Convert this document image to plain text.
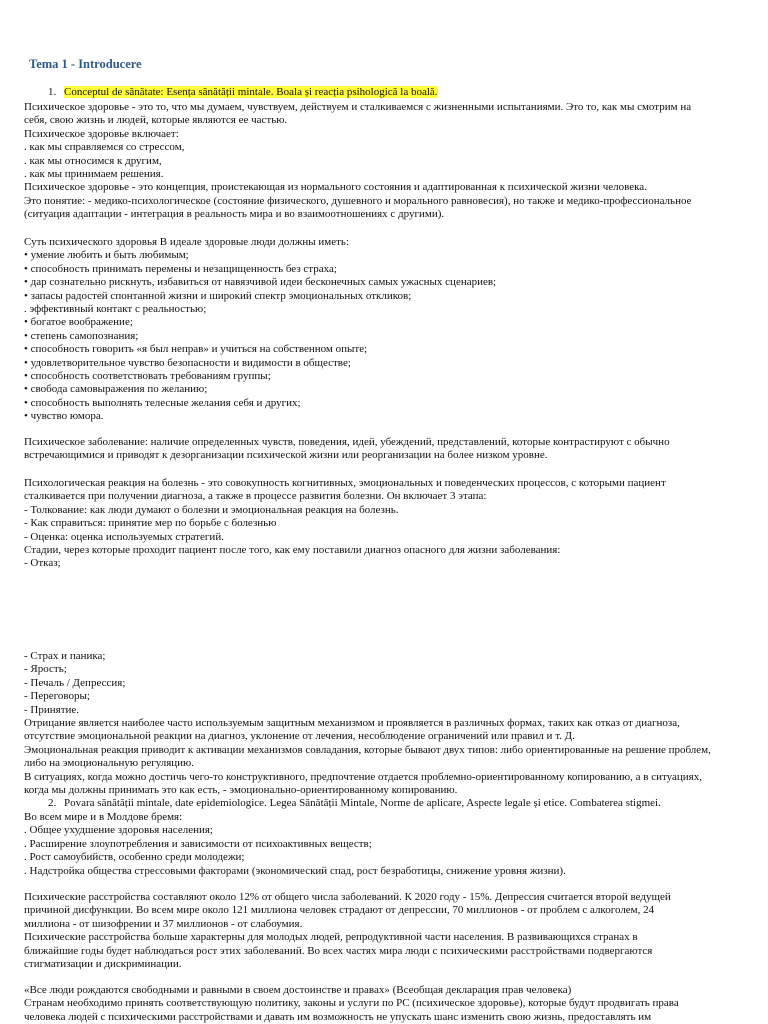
Tema 1 - Introducere
1. Conceptul de sănătate: Esența sănătății mintale. Boala și reacția psihologică la boală.
Психическое здоровье - это то, что мы думаем, чувствуем, действуем и сталкиваемся с жизненными испытаниями. Это то, как мы смотрим на
себя, свою жизнь и людей, которые являются ее частью.
Психическое здоровье включает:
. как мы справляемся со стрессом,
. как мы относимся к другим,
. как мы принимаем решения.
Психическое здоровье - это концепция, проистекающая из нормального состояния и адаптированная к психической жизни человека.
Это понятие: - медико-психологическое (состояние физического, душевного и морального равновесия), но также и медико-профессиональное
(ситуация адаптации - интеграция в реальность мира и во взаимоотношениях с другими).
Суть психического здоровья В идеале здоровые люди должны иметь:
• умение любить и быть любимым;
• способность принимать перемены и незащищенность без страха;
• дар сознательно рискнуть, избавиться от навязчивой идеи бесконечных самых ужасных сценариев;
• запасы радостей спонтанной жизни и широкий спектр эмоциональных откликов;
. эффективный контакт с реальностью;
• богатое воображение;
• степень самопознания;
• способность говорить «я был неправ» и учиться на собственном опыте;
• удовлетворительное чувство безопасности и видимости в обществе;
• способность соответствовать требованиям группы;
• свобода самовыражения по желанию;
• способность выполнять телесные желания себя и других;
• чувство юмора.
Психическое заболевание: наличие определенных чувств, поведения, идей, убеждений, представлений, которые контрастируют с обычно
встречающимися и приводят к дезорганизации психической жизни или реорганизации на более низком уровне.
Психологическая реакция на болезнь - это совокупность когнитивных, эмоциональных и поведенческих процессов, с которыми пациент
сталкивается при получении диагноза, а также в процессе развития болезни. Он включает 3 этапа:
- Толкование: как люди думают о болезни и эмоциональная реакция на болезнь.
- Как справиться: принятие мер по борьбе с болезнью
- Оценка: оценка используемых стратегий.
Стадии, через которые проходит пациент после того, как ему поставили диагноз опасного для жизни заболевания:
- Отказ;
- Страх и паника;
- Ярость;
- Печаль / Депрессия;
- Переговоры;
- Принятие.
Отрицание является наиболее часто используемым защитным механизмом и проявляется в различных формах, таких как отказ от диагноза,
отсутствие эмоциональной реакции на диагноз, уклонение от лечения, несоблюдение ограничений или правил и т. Д.
Эмоциональная реакция приводит к активации механизмов совладания, которые бывают двух типов: либо ориентированные на решение проблем,
либо на эмоциональную регуляцию.
В ситуациях, когда можно достичь чего-то конструктивного, предпочтение отдается проблемно-ориентированному копированию, а в ситуациях,
когда мы должны принимать это как есть, - эмоционально-ориентированному копированию.
2. Povara sănătății mintale, date epidemiologice. Legea Sănătății Mintale, Norme de aplicare, Aspecte legale și etice. Combaterea stigmei.
Во всем мире и в Молдове бремя:
. Общее ухудшение здоровья населения;
. Расширение злоупотребления и зависимости от психоактивных веществ;
. Рост самоубийств, особенно среди молодежи;
. Надстройка общества стрессовыми факторами (экономический спад, рост безработицы, снижение уровня жизни).
Психические расстройства составляют около 12% от общего числа заболеваний. К 2020 году - 15%. Депрессия считается второй ведущей
причиной дисфункции. Во всем мире около 121 миллиона человек страдают от депрессии, 70 миллионов - от проблем с алкоголем, 24
миллиона - от шизофрении и 37 миллионов - от слабоумия.
Психические расстройства больше характерны для молодых людей, репродуктивной части населения. В развивающихся странах в
ближайшие годы будет наблюдаться рост этих заболеваний. Во всех частях мира люди с психическими расстройствами подвергаются
стигматизации и дискриминации.
«Все люди рождаются свободными и равными в своем достоинстве и правах» (Всеобщая декларация прав человека)
Странам необходимо принять соответствующую политику, законы и услуги по PC (психическое здоровье), которые будут продвигать права
человека людей с психическими расстройствами и давать им возможность не упускать шанс изменить свою жизнь, предоставлять им
